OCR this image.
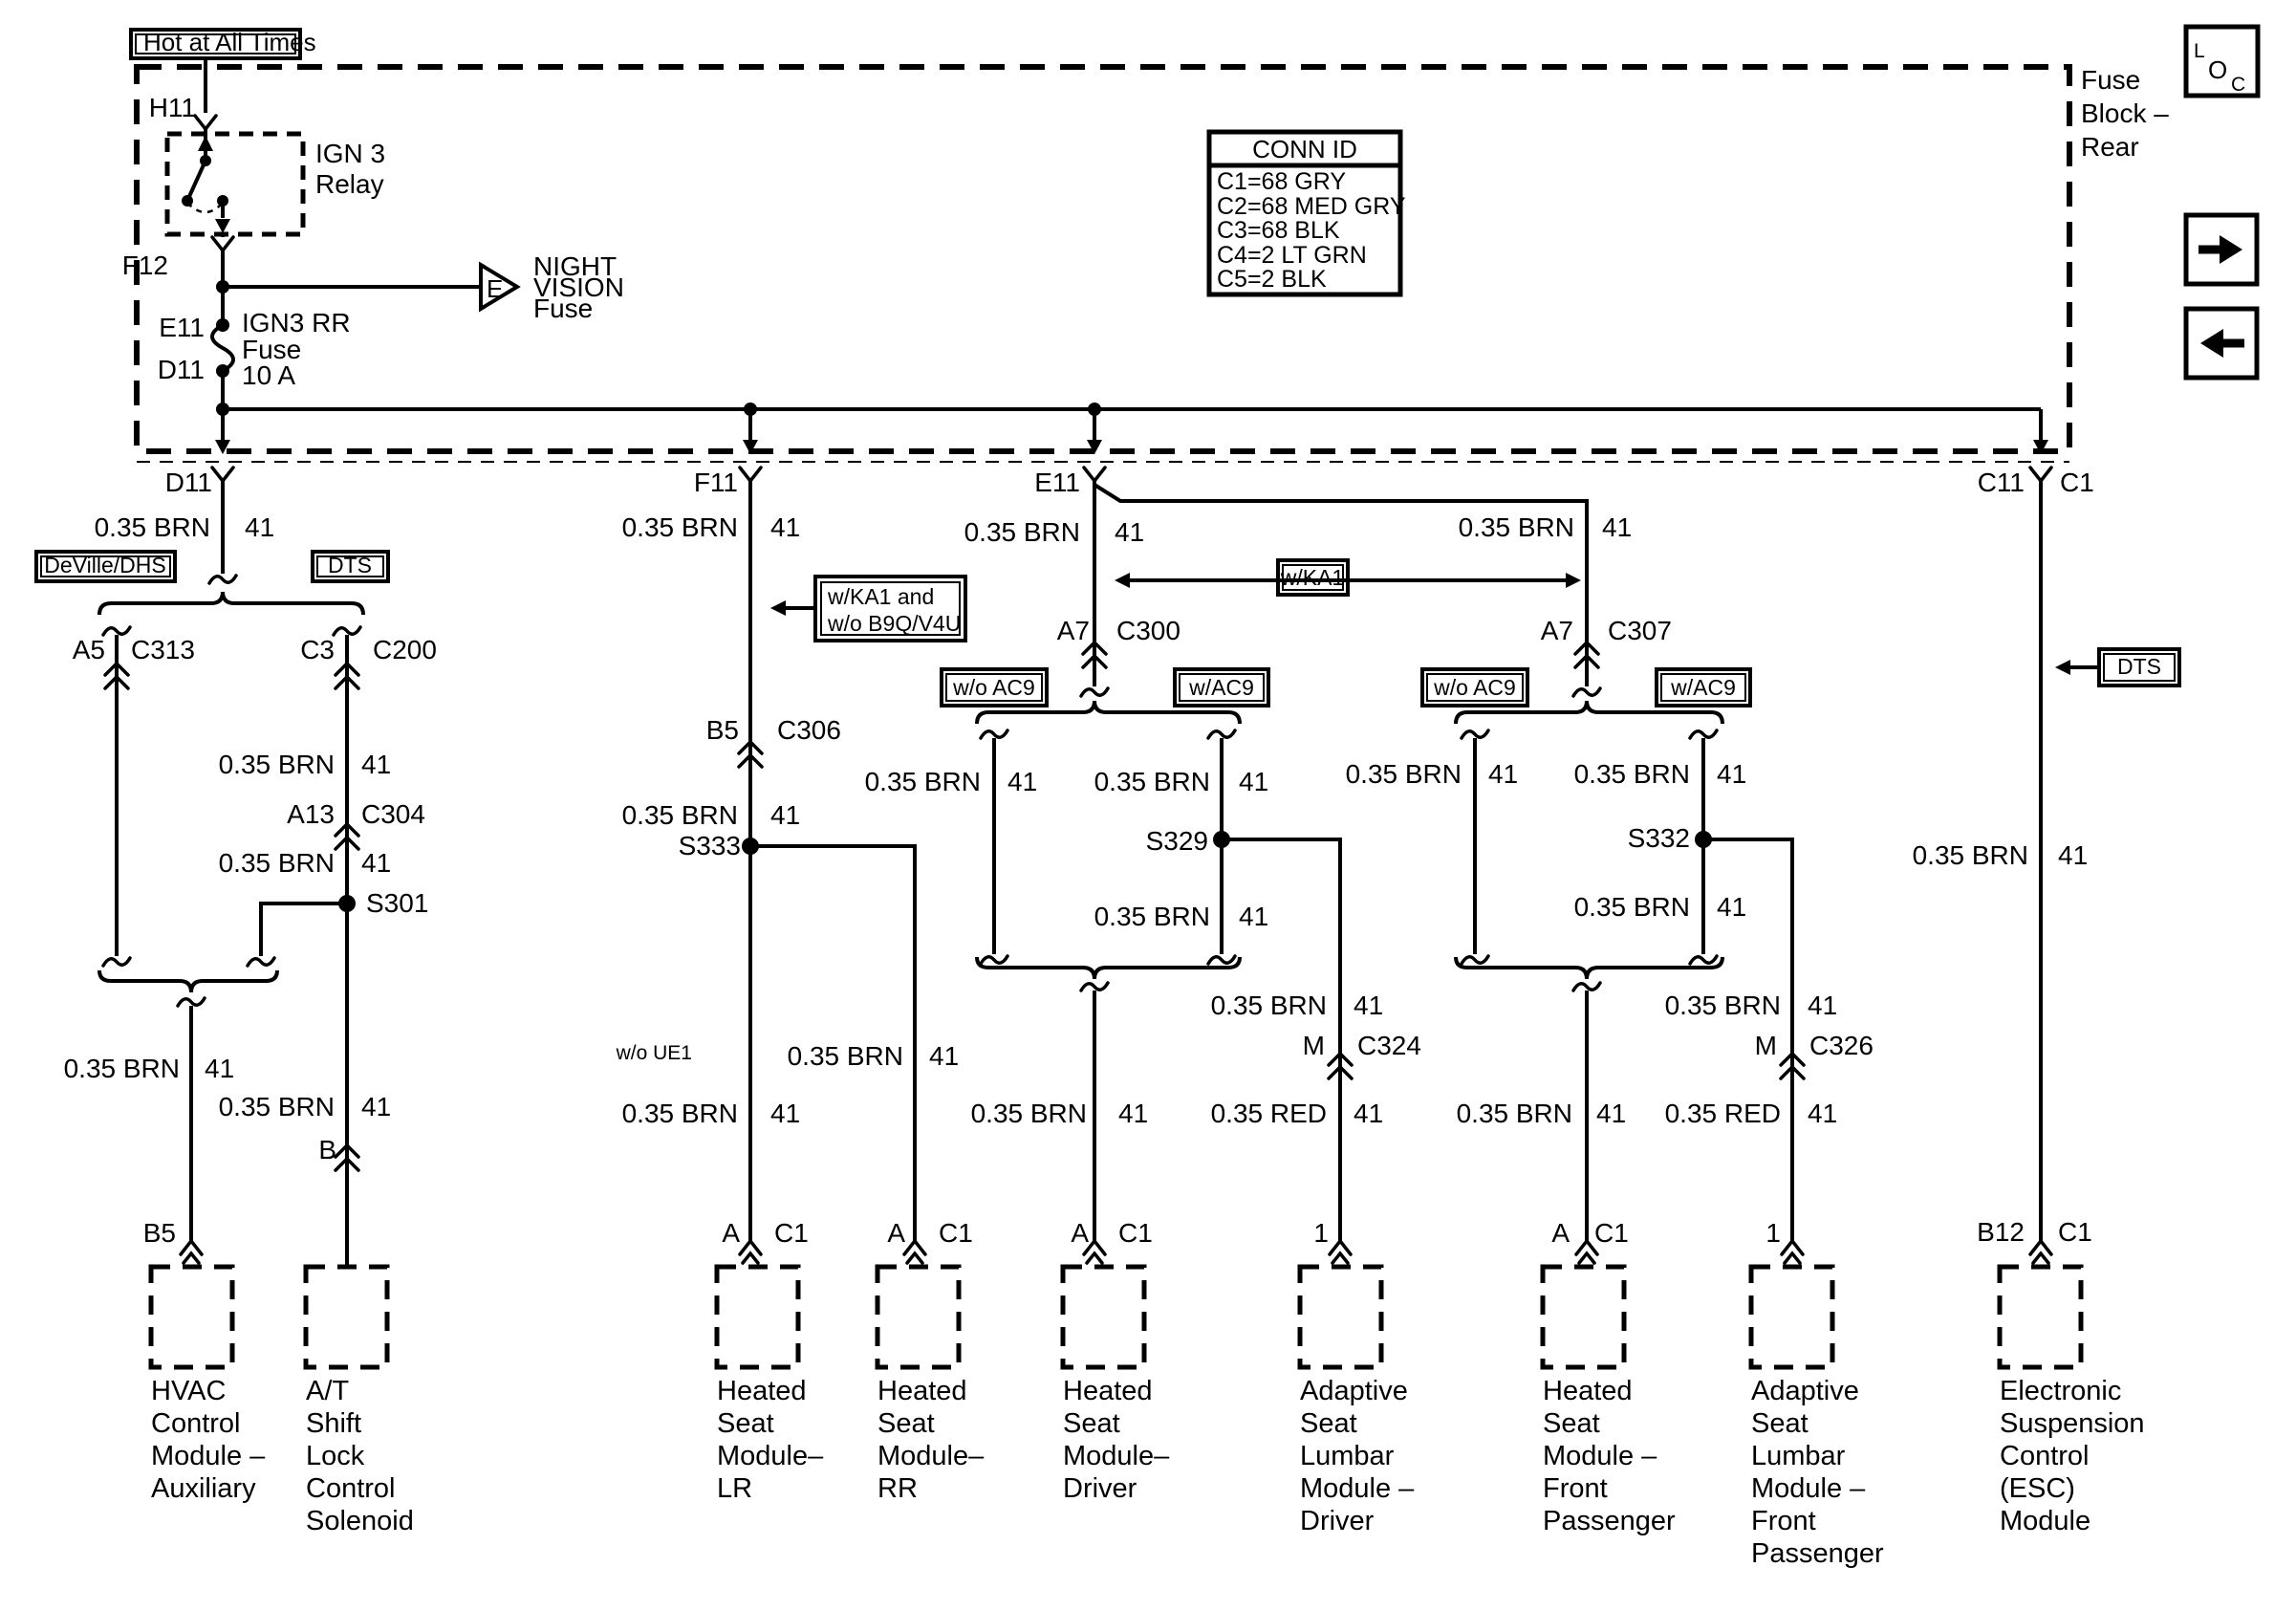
Hot at All Times
H11
IGN 3
Relay
F12
E
NIGHT
VISION
Fuse
E11 IGN3 RR
Fuse
10 A
D11
Fuse
Block –
Rear
L
O
C
CONN ID
C1=68 GRY
C2=68 MED GRY
C3=68 BLK
C4=2 LT GRN
C5=2 BLK
D11	F11	E11	C11 C1
0.35 BRN 41	0.35 BRN 41	0.35 BRN 41	0.35 BRN 41
0.35 BRN 41
0.35 BRN 41 0.35 BRN 41
0.35 BRN 41
0.35 BRN 41 0.35 BRN 41
0.35 BRN 41
0.35 BRN 41
0.35 BRN 41
0.35 BRN 41
0.35 BRN 41
0.35 BRN 41
0.35 BRN 41	0.35 BRN 41
0.35 BRN 41
0.35 RED 41	0.35 BRN 41
0.35 BRN 41
0.35 RED 41
0.35 BRN 41
DeVille/DHS	DTS
w/KA1 and
w/o B9Q/V4U
w/KA1
w/o AC9	w/AC9	w/o AC9	w/AC9
DTS
w/o UE1
A5 C313	C3 C200
A13 C304
S301
B
B5
B5 C306
S333
A C1	A C1
A7 C300
S329
M C324
A C1	1
A7 C307
S332
M C326
A C1	1	B12 C1
HVAC
Control
Module –
Auxiliary
A/T
Shift
Lock
Control
Solenoid
Heated
Seat
Module–
LR
Heated
Seat
Module–
RR
Heated
Seat
Module–
Driver
Adaptive
Seat
Lumbar
Module –
Driver
Heated
Seat
Module –
Front
Passenger
Adaptive
Seat
Lumbar
Module –
Front
Passenger
Electronic
Suspension
Control
(ESC)
Module
